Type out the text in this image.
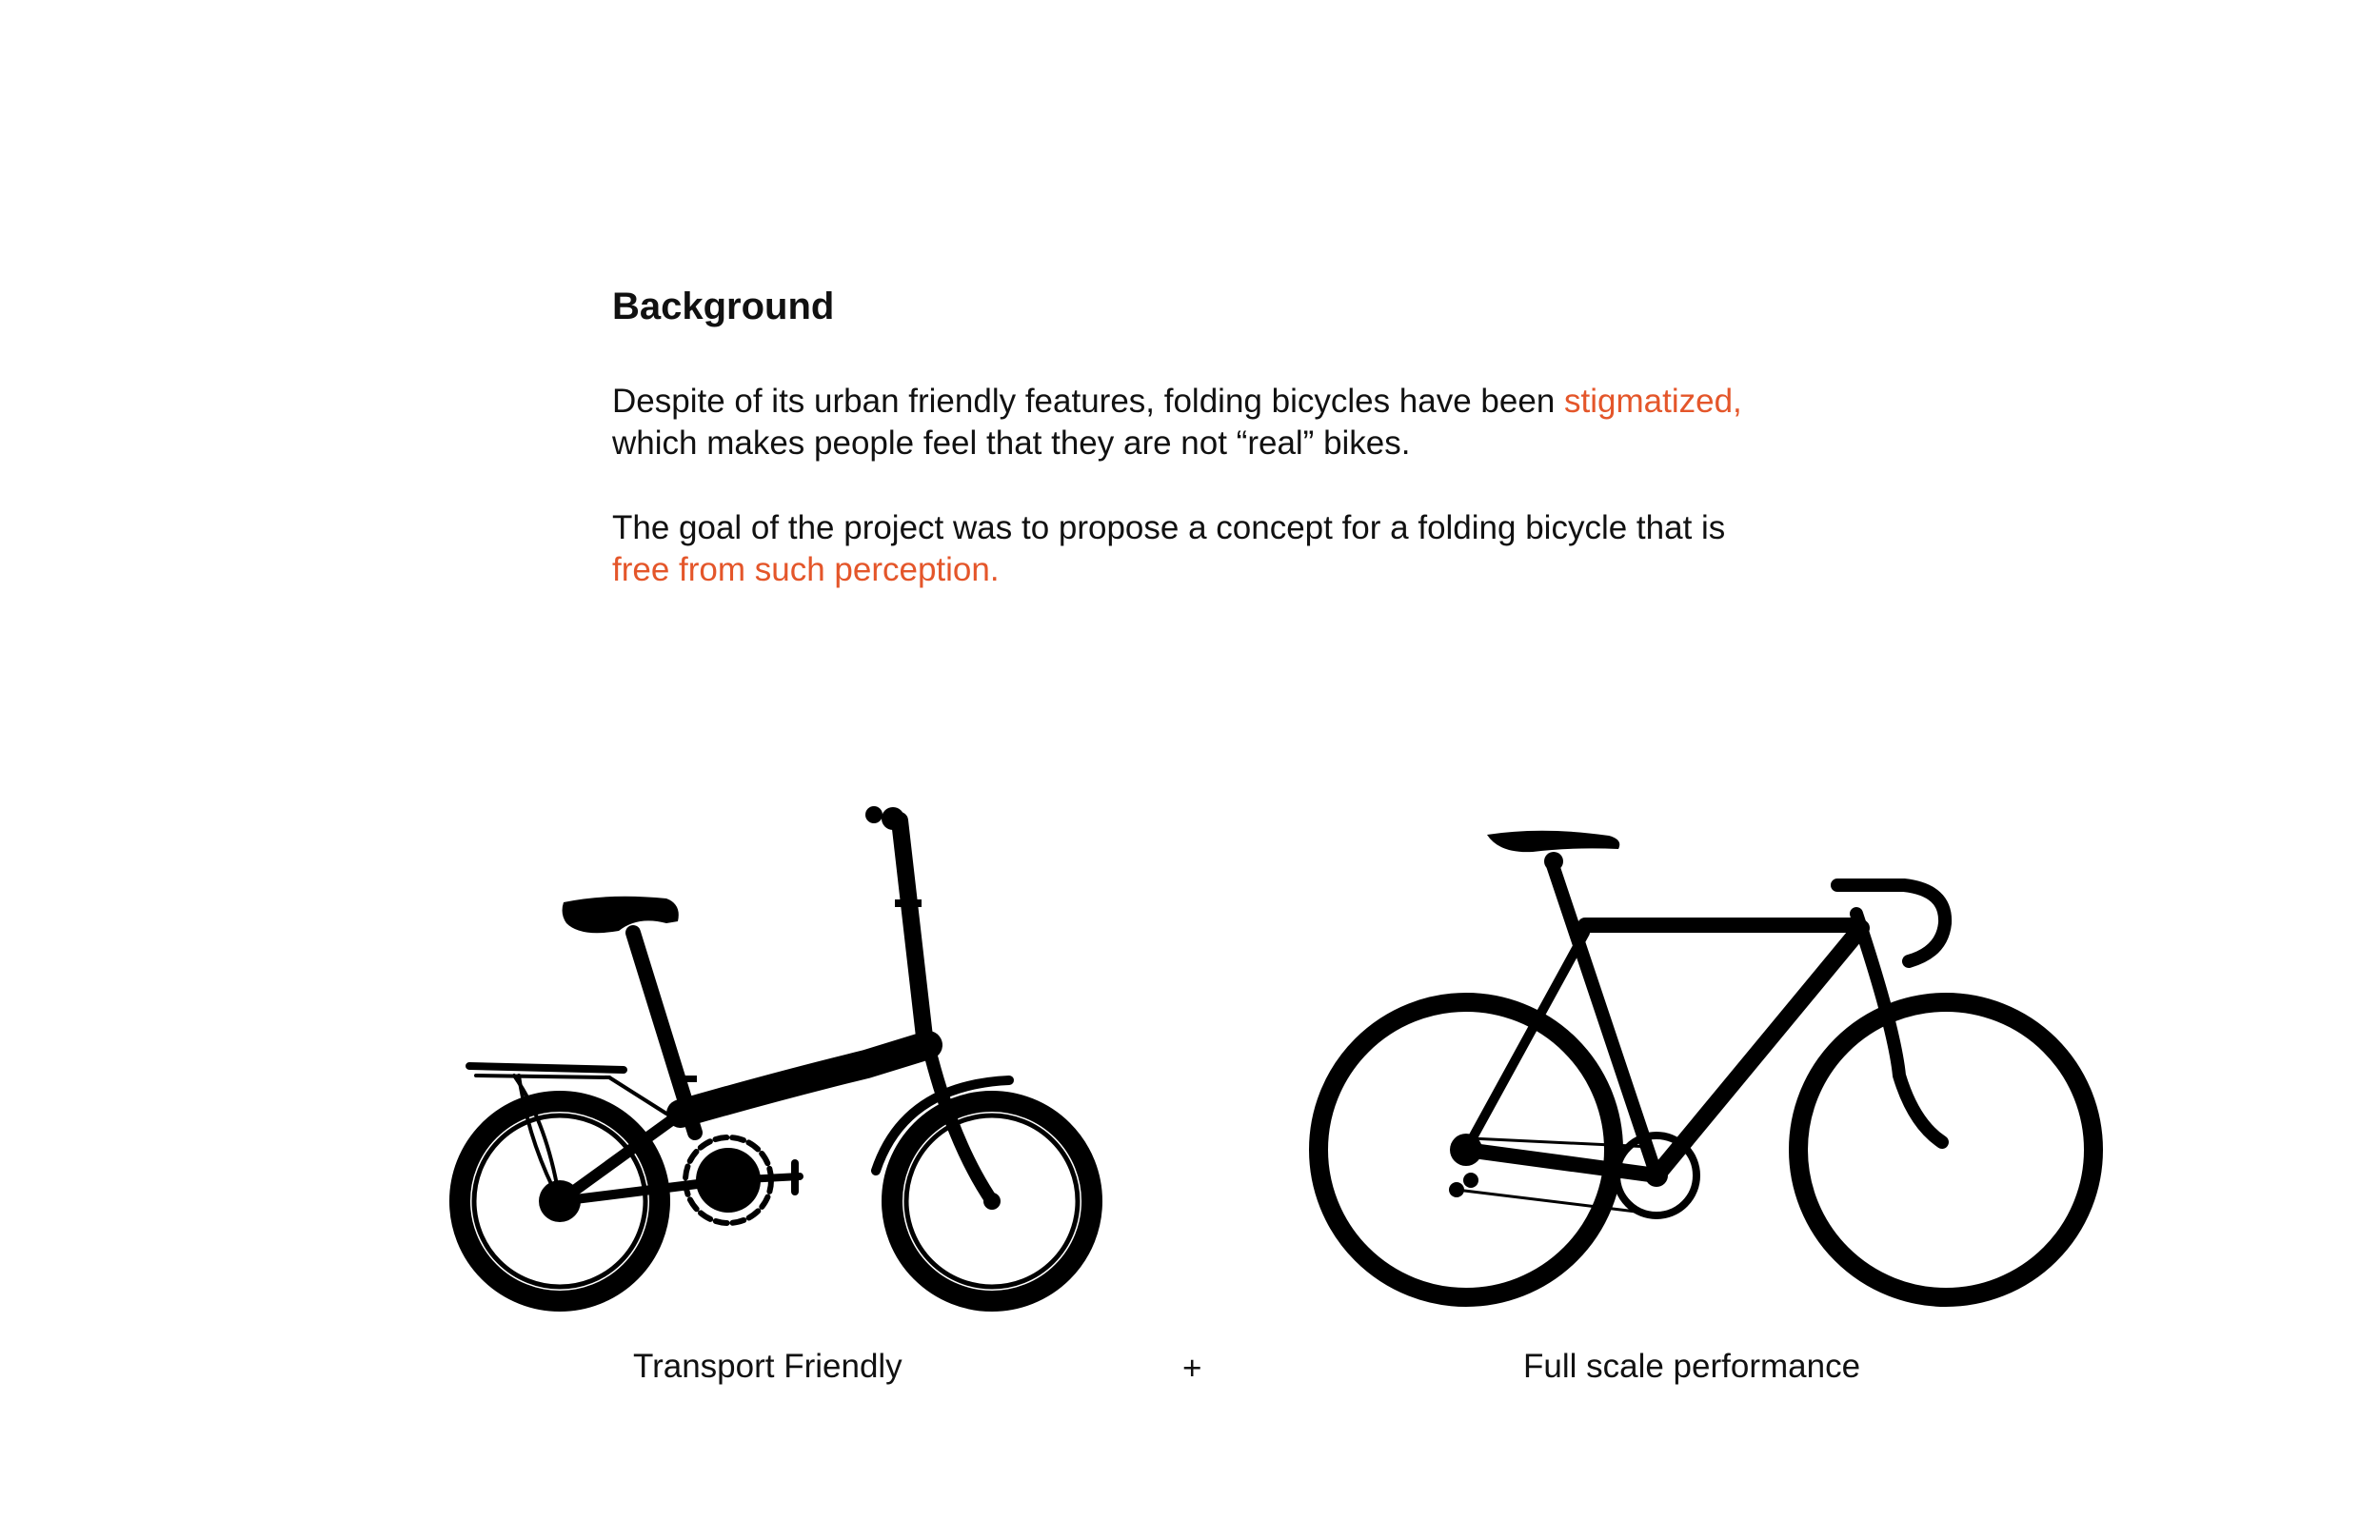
Background

Despite of its urban friendly features, folding bicycles have been stigmatized,
which makes people feel that they are not “real” bikes.

The goal of the project was to propose a concept for a folding bicycle that is
free from such perception.

Transport Friendly	+	Full scale performance
